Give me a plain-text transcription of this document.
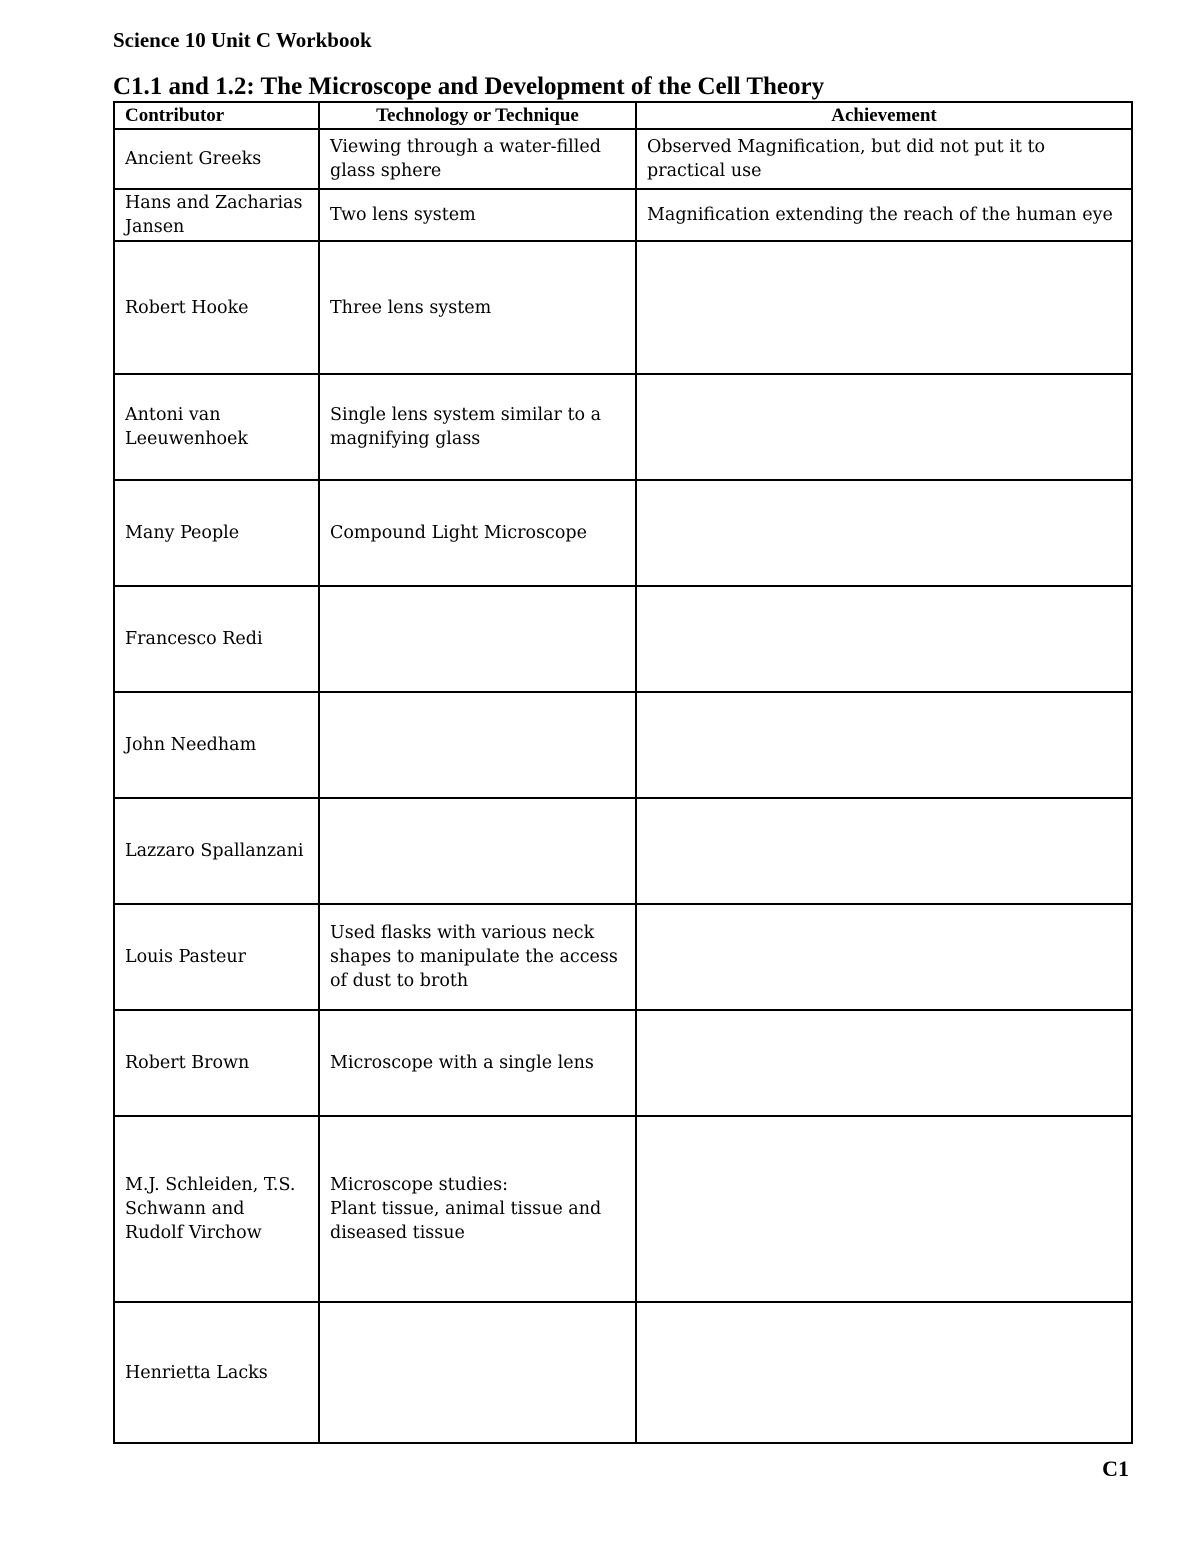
Science 10 Unit C Workbook
C1.1 and 1.2: The Microscope and Development of the Cell Theory
Contributor	Technology or Technique	Achievement
Ancient Greeks	Viewing through a water-filled glass sphere	Observed Magnification, but did not put it to practical use
Hans and Zacharias Jansen	Two lens system	Magnification extending the reach of the human eye
Robert Hooke	Three lens system	
Antoni van Leeuwenhoek	Single lens system similar to a magnifying glass	
Many People	Compound Light Microscope	
Francesco Redi		
John Needham		
Lazzaro Spallanzani		
Louis Pasteur	Used flasks with various neck shapes to manipulate the access of dust to broth	
Robert Brown	Microscope with a single lens	
M.J. Schleiden, T.S. Schwann and Rudolf Virchow	Microscope studies:
Plant tissue, animal tissue and diseased tissue	
Henrietta Lacks		
C1
